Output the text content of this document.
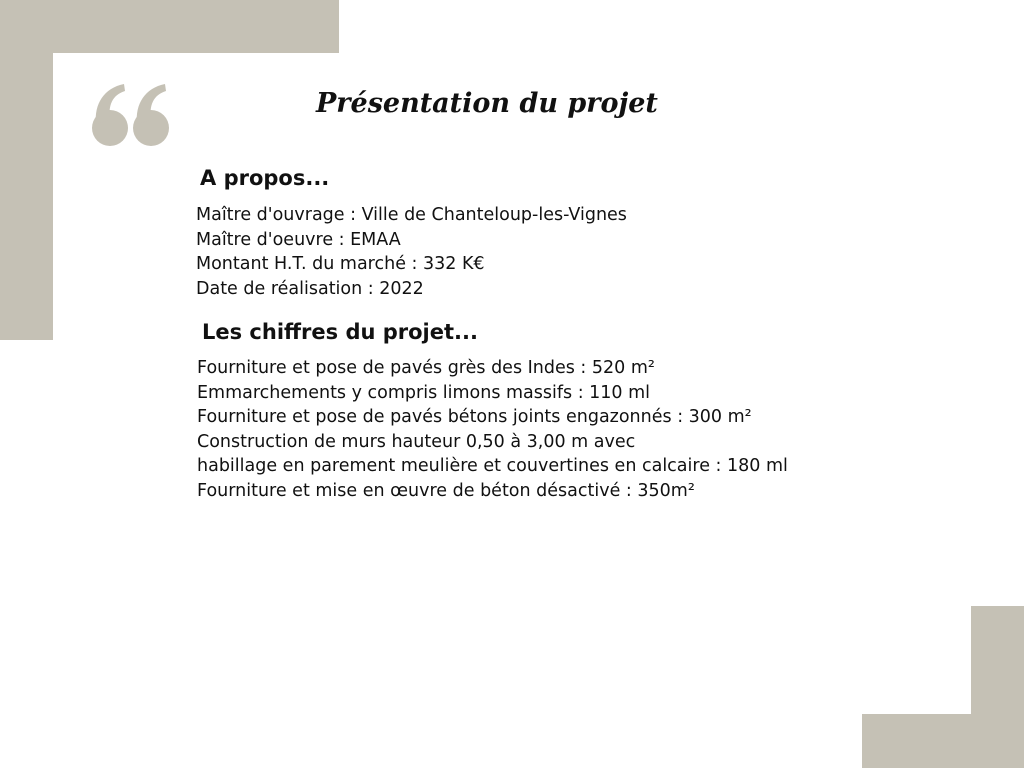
Présentation du projet
A propos...
Maître d'ouvrage : Ville de Chanteloup-les-Vignes
Maître d'oeuvre : EMAA
Montant H.T. du marché : 332 K€
Date de réalisation : 2022
Les chiffres du projet...
Fourniture et pose de pavés grès des Indes : 520 m²
Emmarchements y compris limons massifs : 110 ml
Fourniture et pose de pavés bétons joints engazonnés : 300 m²
Construction de murs hauteur 0,50 à 3,00 m avec
habillage en parement meulière et couvertines en calcaire : 180 ml
Fourniture et mise en œuvre de béton désactivé : 350m²
